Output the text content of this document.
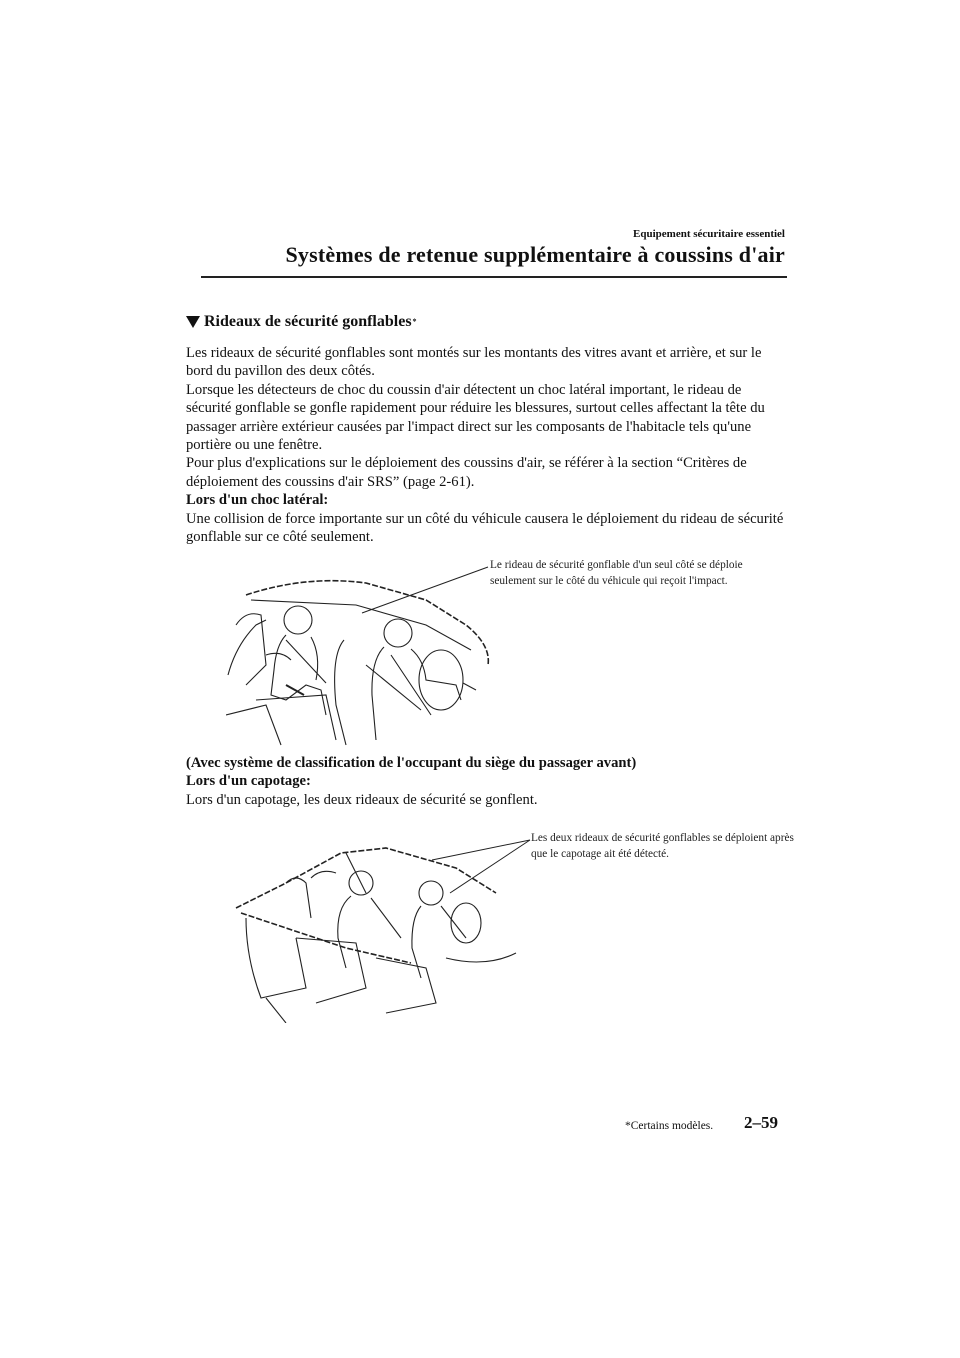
Equipement sécuritaire essentiel
Systèmes de retenue supplémentaire à coussins d'air
Rideaux de sécurité gonflables *

Les rideaux de sécurité gonflables sont montés sur les montants des vitres avant et arrière, et sur le bord du pavillon des deux côtés.

Lorsque les détecteurs de choc du coussin d'air détectent un choc latéral important, le rideau de sécurité gonflable se gonfle rapidement pour réduire les blessures, surtout celles affectant la tête du passager arrière extérieur causées par l'impact direct sur les composants de l'habitacle tels qu'une portière ou une fenêtre.

Pour plus d'explications sur le déploiement des coussins d'air, se référer à la section “Critères de déploiement des coussins d'air SRS” (page 2-61).

Lors d'un choc latéral:

Une collision de force importante sur un côté du véhicule causera le déploiement du rideau de sécurité gonflable sur ce côté seulement.

Le rideau de sécurité gonflable d'un seul côté se déploie seulement sur le côté du véhicule qui reçoit l'impact.

(Avec système de classification de l'occupant du siège du passager avant)

Lors d'un capotage:

Lors d'un capotage, les deux rideaux de sécurité se gonflent.

Les deux rideaux de sécurité gonflables se déploient après que le capotage ait été détecté.
*Certains modèles. 2–59
